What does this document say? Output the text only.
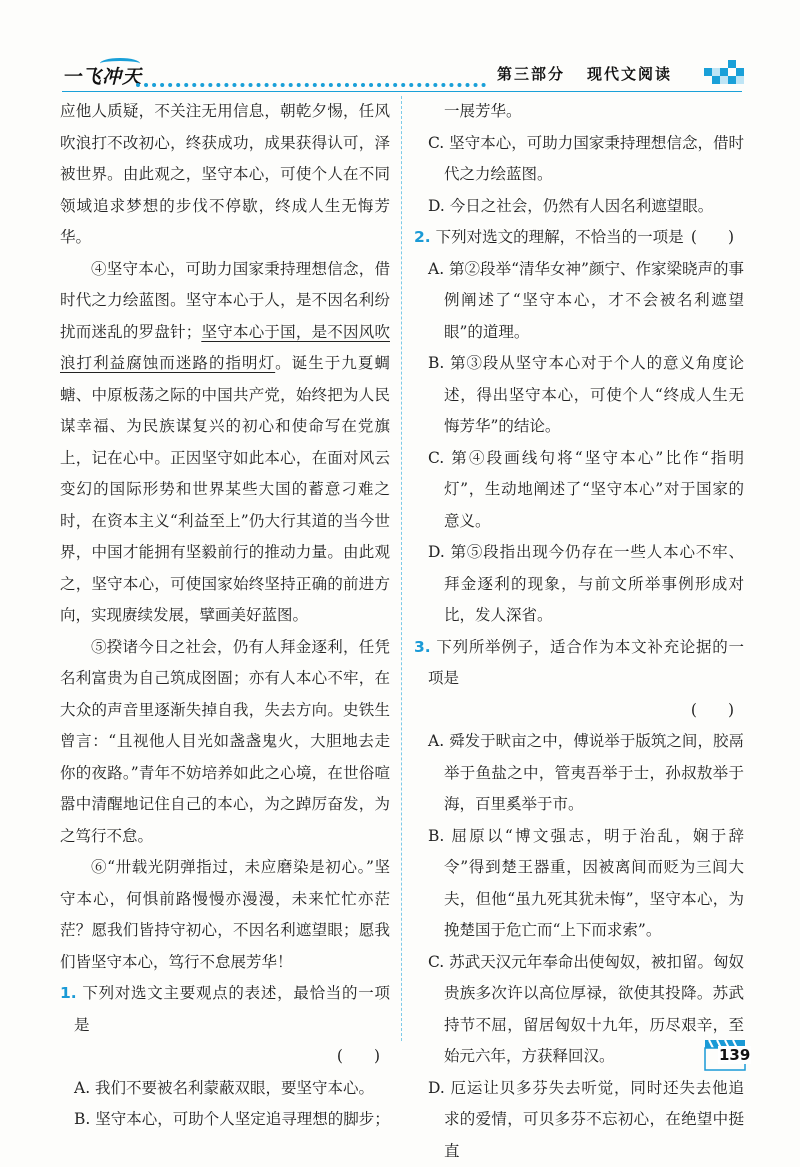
一飞冲天	第三部分 现代文阅读

应他人质疑，不关注无用信息，朝乾夕惕，任风吹浪打不改初心，终获成功，成果获得认可，泽被世界。由此观之，坚守本心，可使个人在不同领域追求梦想的步伐不停歇，终成人生无悔芳华。

④坚守本心，可助力国家秉持理想信念，借时代之力绘蓝图。坚守本心于人，是不因名利纷扰而迷乱的罗盘针；坚守本心于国，是不因风吹浪打利益腐蚀而迷路的指明灯。诞生于九夏蜩螗、中原板荡之际的中国共产党，始终把为人民谋幸福、为民族谋复兴的初心和使命写在党旗上，记在心中。正因坚守如此本心，在面对风云变幻的国际形势和世界某些大国的蓄意刁难之时，在资本主义“利益至上”仍大行其道的当今世界，中国才能拥有坚毅前行的推动力量。由此观之，坚守本心，可使国家始终坚持正确的前进方向，实现赓续发展，擘画美好蓝图。

⑤揆诸今日之社会，仍有人拜金逐利，任凭名利富贵为自己筑成囹圄；亦有人本心不牢，在大众的声音里逐渐失掉自我，失去方向。史铁生曾言：“且视他人目光如盏盏鬼火，大胆地去走你的夜路。”青年不妨培养如此之心境，在世俗喧嚣中清醒地记住自己的本心，为之踔厉奋发，为之笃行不怠。

⑥“卅载光阴弹指过，未应磨染是初心。”坚守本心，何惧前路慢慢亦漫漫，未来忙忙亦茫茫？愿我们皆持守初心，不因名利遮望眼；愿我们皆坚守本心，笃行不怠展芳华！

1. 下列对选文主要观点的表述，最恰当的一项是

(　　)

A. 我们不要被名利蒙蔽双眼，要坚守本心。

B. 坚守本心，可助个人坚定追寻理想的脚步；

一展芳华。

C. 坚守本心，可助力国家秉持理想信念，借时代之力绘蓝图。

D. 今日之社会，仍然有人因名利遮望眼。

2. 下列对选文的理解，不恰当的一项是 (　　)

A. 第②段举“清华女神”颜宁、作家梁晓声的事例阐述了“坚守本心，才不会被名利遮望眼”的道理。

B. 第③段从坚守本心对于个人的意义角度论述，得出坚守本心，可使个人“终成人生无悔芳华”的结论。

C. 第④段画线句将“坚守本心”比作“指明灯”，生动地阐述了“坚守本心”对于国家的意义。

D. 第⑤段指出现今仍存在一些人本心不牢、拜金逐利的现象，与前文所举事例形成对比，发人深省。

3. 下列所举例子，适合作为本文补充论据的一项是

(　　)

A. 舜发于畎亩之中，傅说举于版筑之间，胶鬲举于鱼盐之中，管夷吾举于士，孙叔敖举于海，百里奚举于市。

B. 屈原以“博文强志，明于治乱，娴于辞令”得到楚王器重，因被离间而贬为三闾大夫，但他“虽九死其犹未悔”，坚守本心，为挽楚国于危亡而“上下而求索”。

C. 苏武天汉元年奉命出使匈奴，被扣留。匈奴贵族多次许以高位厚禄，欲使其投降。苏武持节不屈，留居匈奴十九年，历尽艰辛，至始元六年，方获释回汉。

D. 厄运让贝多芬失去听觉，同时还失去他追求的爱情，可贝多芬不忘初心，在绝望中挺直

139
